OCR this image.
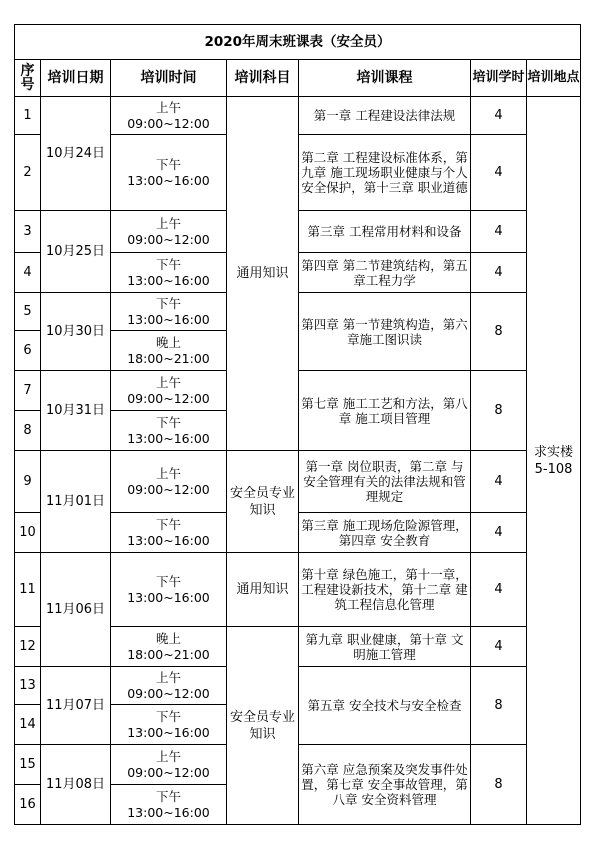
2020年周末班课表（安全员）						
序号	培训日期	培训时间	培训科目	培训课程	培训学时	培训地点
1	10月24日	上午
09:00~12:00	通用知识	第一章 工程建设法律法规	4	求实楼5-108

2		下午
13:00~16:00		第二章 工程建设标准体系，第九章 施工现场职业健康与个人安全保护，第十三章 职业道德	4	
3	10月25日	上午
09:00~12:00		第三章 工程常用材料和设备	4	
4		下午
13:00~16:00		第四章 第二节建筑结构，第五章工程力学	4	
5	10月30日	下午
13:00~16:00		第四章 第一节建筑构造，第六章施工图识读	8	
6		晚上
18:00~21:00				

7	10月31日	上午
09:00~12:00		第七章 施工工艺和方法，第八章 施工项目管理	8	
8		下午
13:00~16:00				

9	11月01日	上午
09:00~12:00	安全员专业知识	第一章 岗位职责，第二章 与安全管理有关的法律法规和管理规定	4	
10		下午
13:00~16:00		第三章 施工现场危险源管理，第四章 安全教育	4	
11	11月06日	下午
13:00~16:00	通用知识	第十章 绿色施工，第十一章，工程建设新技术，第十二章 建筑工程信息化管理	4	
12		晚上
18:00~21:00	安全员专业知识	第九章 职业健康，第十章 文明施工管理	4	
13	11月07日	上午
09:00~12:00		第五章 安全技术与安全检查	8	
14		下午
13:00~16:00				

15	11月08日	上午
09:00~12:00		第六章 应急预案及突发事件处置，第七章 安全事故管理，第八章 安全资料管理	8	
16		下午
13:00~16:00				
